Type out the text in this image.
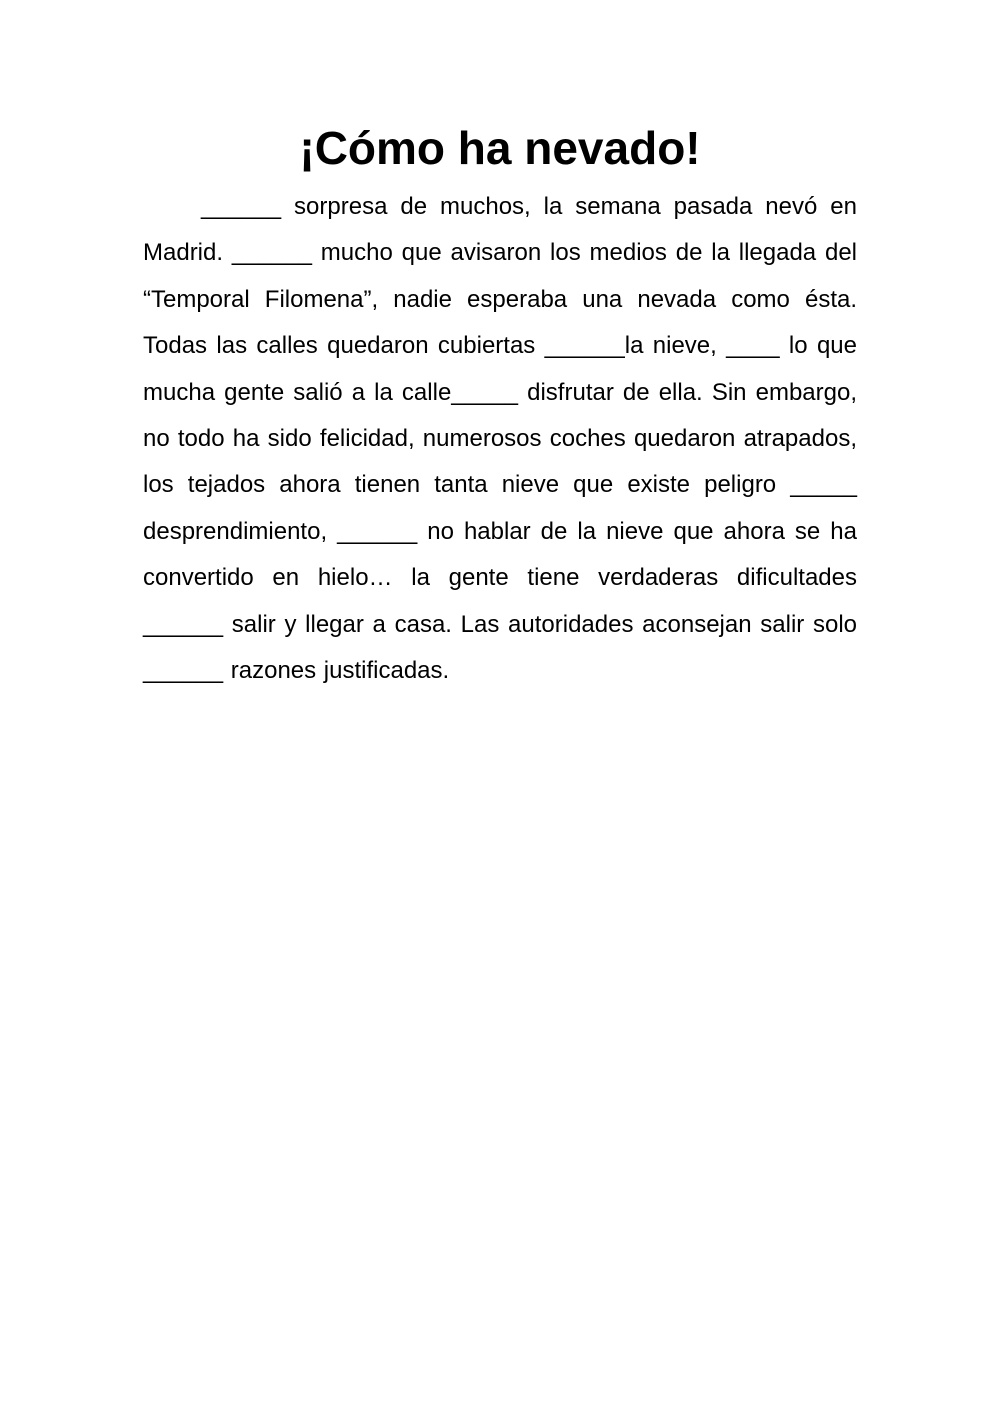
¡Cómo ha nevado!

______ sorpresa de muchos, la semana pasada nevó en Madrid. ______ mucho que avisaron los medios de la llegada del “Temporal Filomena”, nadie esperaba una nevada como ésta. Todas las calles quedaron cubiertas ______la nieve, ____ lo que mucha gente salió a la calle_____ disfrutar de ella. Sin embargo, no todo ha sido felicidad, numerosos coches quedaron atrapados, los tejados ahora tienen tanta nieve que existe peligro _____ desprendimiento, ______ no hablar de la nieve que ahora se ha convertido en hielo… la gente tiene verdaderas dificultades ______ salir y llegar a casa. Las autoridades aconsejan salir solo ______ razones justificadas.
